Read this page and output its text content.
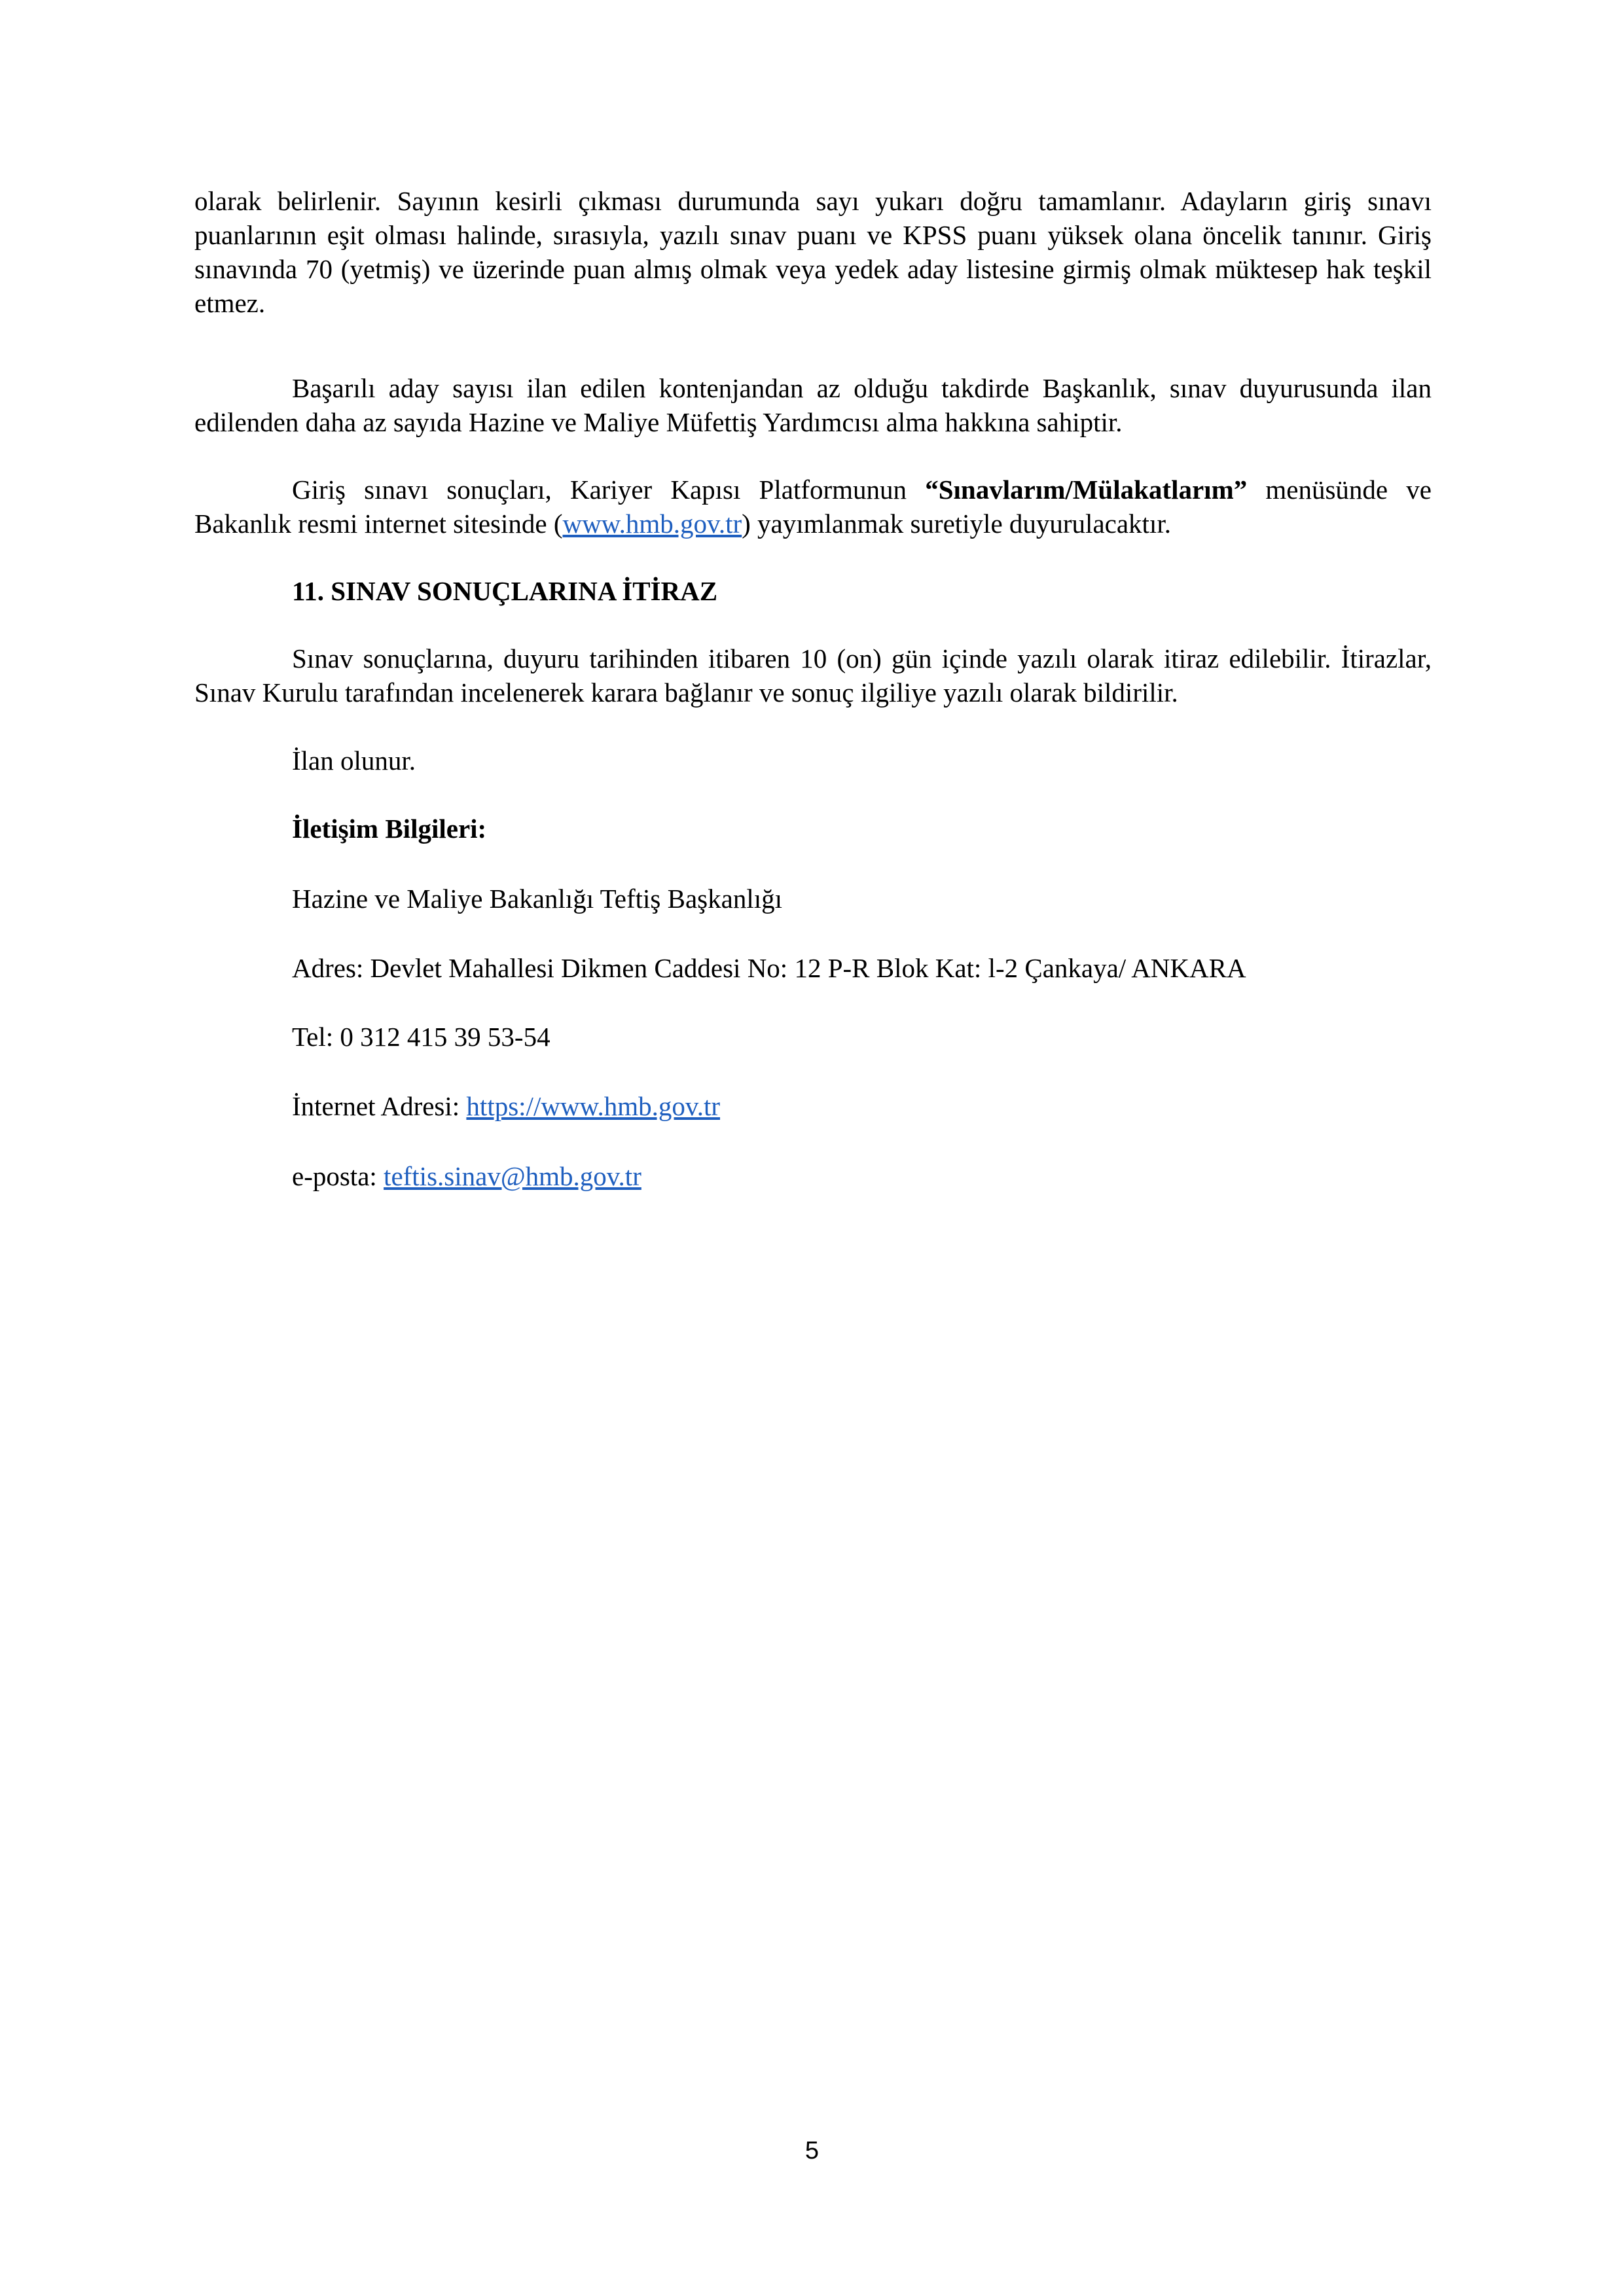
olarak belirlenir. Sayının kesirli çıkması durumunda sayı yukarı doğru tamamlanır. Adayların giriş sınavı puanlarının eşit olması halinde, sırasıyla, yazılı sınav puanı ve KPSS puanı yüksek olana öncelik tanınır. Giriş sınavında 70 (yetmiş) ve üzerinde puan almış olmak veya yedek aday listesine girmiş olmak müktesep hak teşkil etmez.

Başarılı aday sayısı ilan edilen kontenjandan az olduğu takdirde Başkanlık, sınav duyurusunda ilan edilenden daha az sayıda Hazine ve Maliye Müfettiş Yardımcısı alma hakkına sahiptir.

Giriş sınavı sonuçları, Kariyer Kapısı Platformunun “Sınavlarım/Mülakatlarım” menüsünde ve Bakanlık resmi internet sitesinde (www.hmb.gov.tr) yayımlanmak suretiyle duyurulacaktır.

11. SINAV SONUÇLARINA İTİRAZ

Sınav sonuçlarına, duyuru tarihinden itibaren 10 (on) gün içinde yazılı olarak itiraz edilebilir. İtirazlar, Sınav Kurulu tarafından incelenerek karara bağlanır ve sonuç ilgiliye yazılı olarak bildirilir.

İlan olunur.

İletişim Bilgileri:

Hazine ve Maliye Bakanlığı Teftiş Başkanlığı

Adres: Devlet Mahallesi Dikmen Caddesi No: 12 P-R Blok Kat: l-2 Çankaya/ ANKARA

Tel: 0 312 415 39 53-54

İnternet Adresi: https://www.hmb.gov.tr

e-posta: teftis.sinav@hmb.gov.tr

5
